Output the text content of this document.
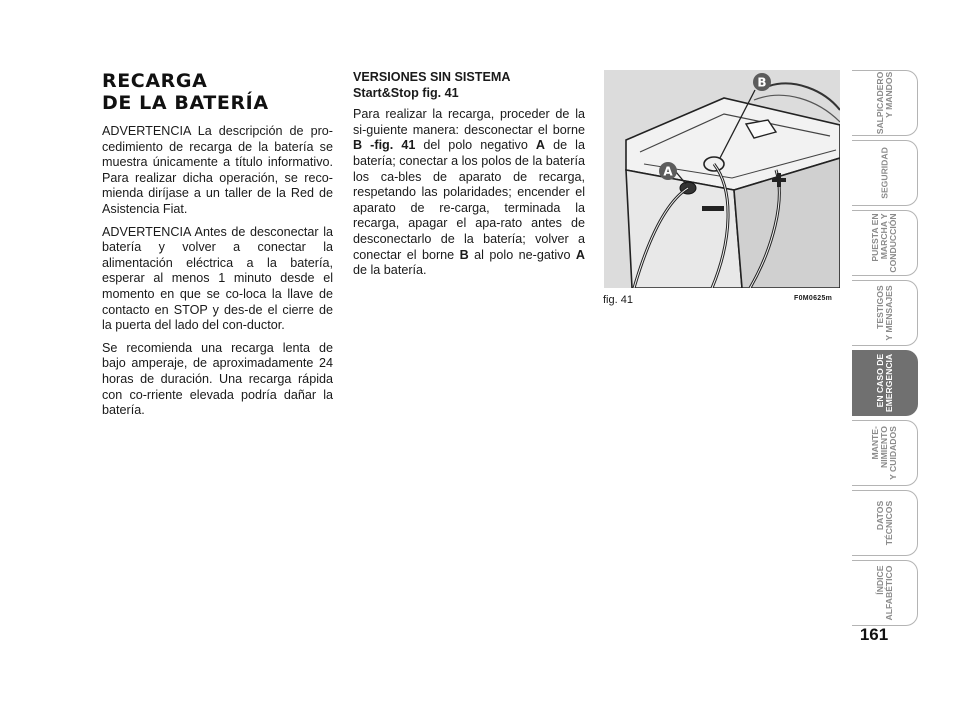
RECARGA
DE LA BATERÍA

ADVERTENCIA La descripción de pro-cedimiento de recarga de la batería se muestra únicamente a título informativo. Para realizar dicha operación, se reco-mienda diríjase a un taller de la Red de Asistencia Fiat.

ADVERTENCIA Antes de desconectar la batería y volver a conectar la alimentación eléctrica a la batería, esperar al menos 1 minuto desde el momento en que se co-loca la llave de contacto en STOP y des-de el cierre de la puerta del lado del con-ductor.

Se recomienda una recarga lenta de bajo amperaje, de aproximadamente 24 horas de duración. Una recarga rápida con co-rriente elevada podría dañar la batería.

VERSIONES SIN SISTEMA
Start&Stop fig. 41

Para realizar la recarga, proceder de la si-guiente manera: desconectar el borne B -fig. 41 del polo negativo A de la batería; conectar a los polos de la batería los ca-bles de aparato de recarga, respetando las polaridades; encender el aparato de re-carga, terminada la recarga, apagar el apa-rato antes de desconectarlo de la batería; volver a conectar el borne B al polo ne-gativo A de la batería.

A
B
fig. 41	F0M0625m
SALPICADERO
Y MANDOS
SEGURIDAD
PUESTA EN
MARCHA Y
CONDUCCIÓN
TESTIGOS
Y MENSAJES
EN CASO DE
EMERGENCIA
MANTE-
NIMIENTO
Y CUIDADOS
DATOS
TÉCNICOS
ÍNDICE
ALFABÉTICO
161
